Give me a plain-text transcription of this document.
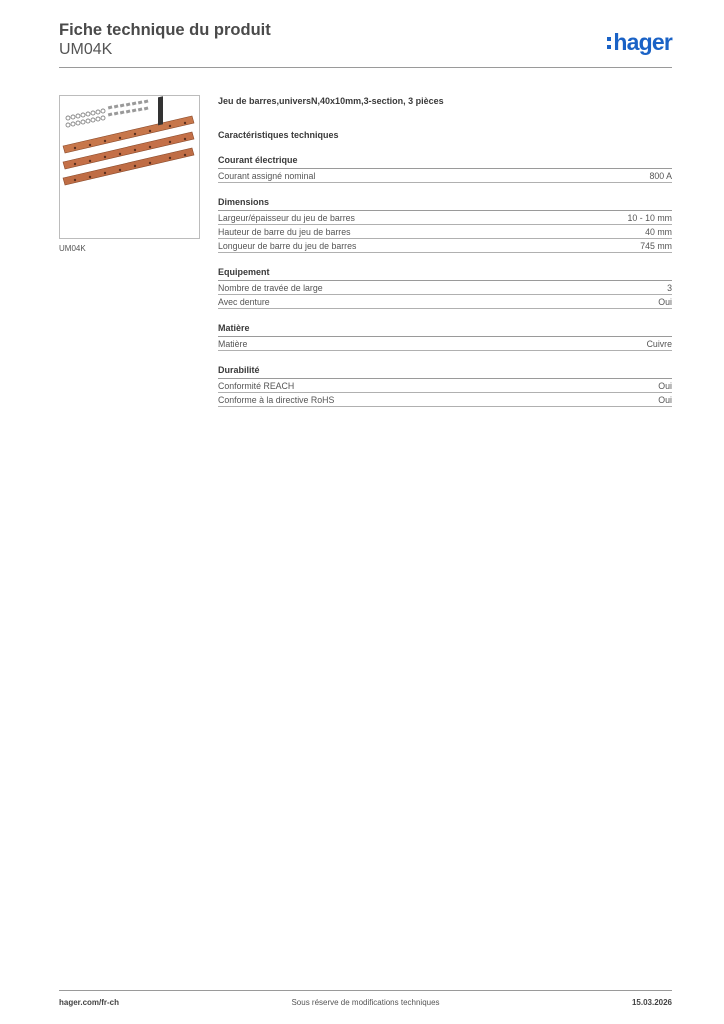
Fiche technique du produit
UM04K	hager
UM04K
Jeu de barres,universN,40x10mm,3-section, 3 pièces
Caractéristiques techniques
Courant électrique
Courant assigné nominal	800 A
Dimensions
Largeur/épaisseur du jeu de barres	10 - 10 mm
Hauteur de barre du jeu de barres	40 mm
Longueur de barre du jeu de barres	745 mm
Equipement
Nombre de travée de large	3
Avec denture	Oui
Matière
Matière	Cuivre
Durabilité
Conformité REACH	Oui
Conforme à la directive RoHS	Oui
hager.com/fr-ch	Sous réserve de modifications techniques	15.03.2026
